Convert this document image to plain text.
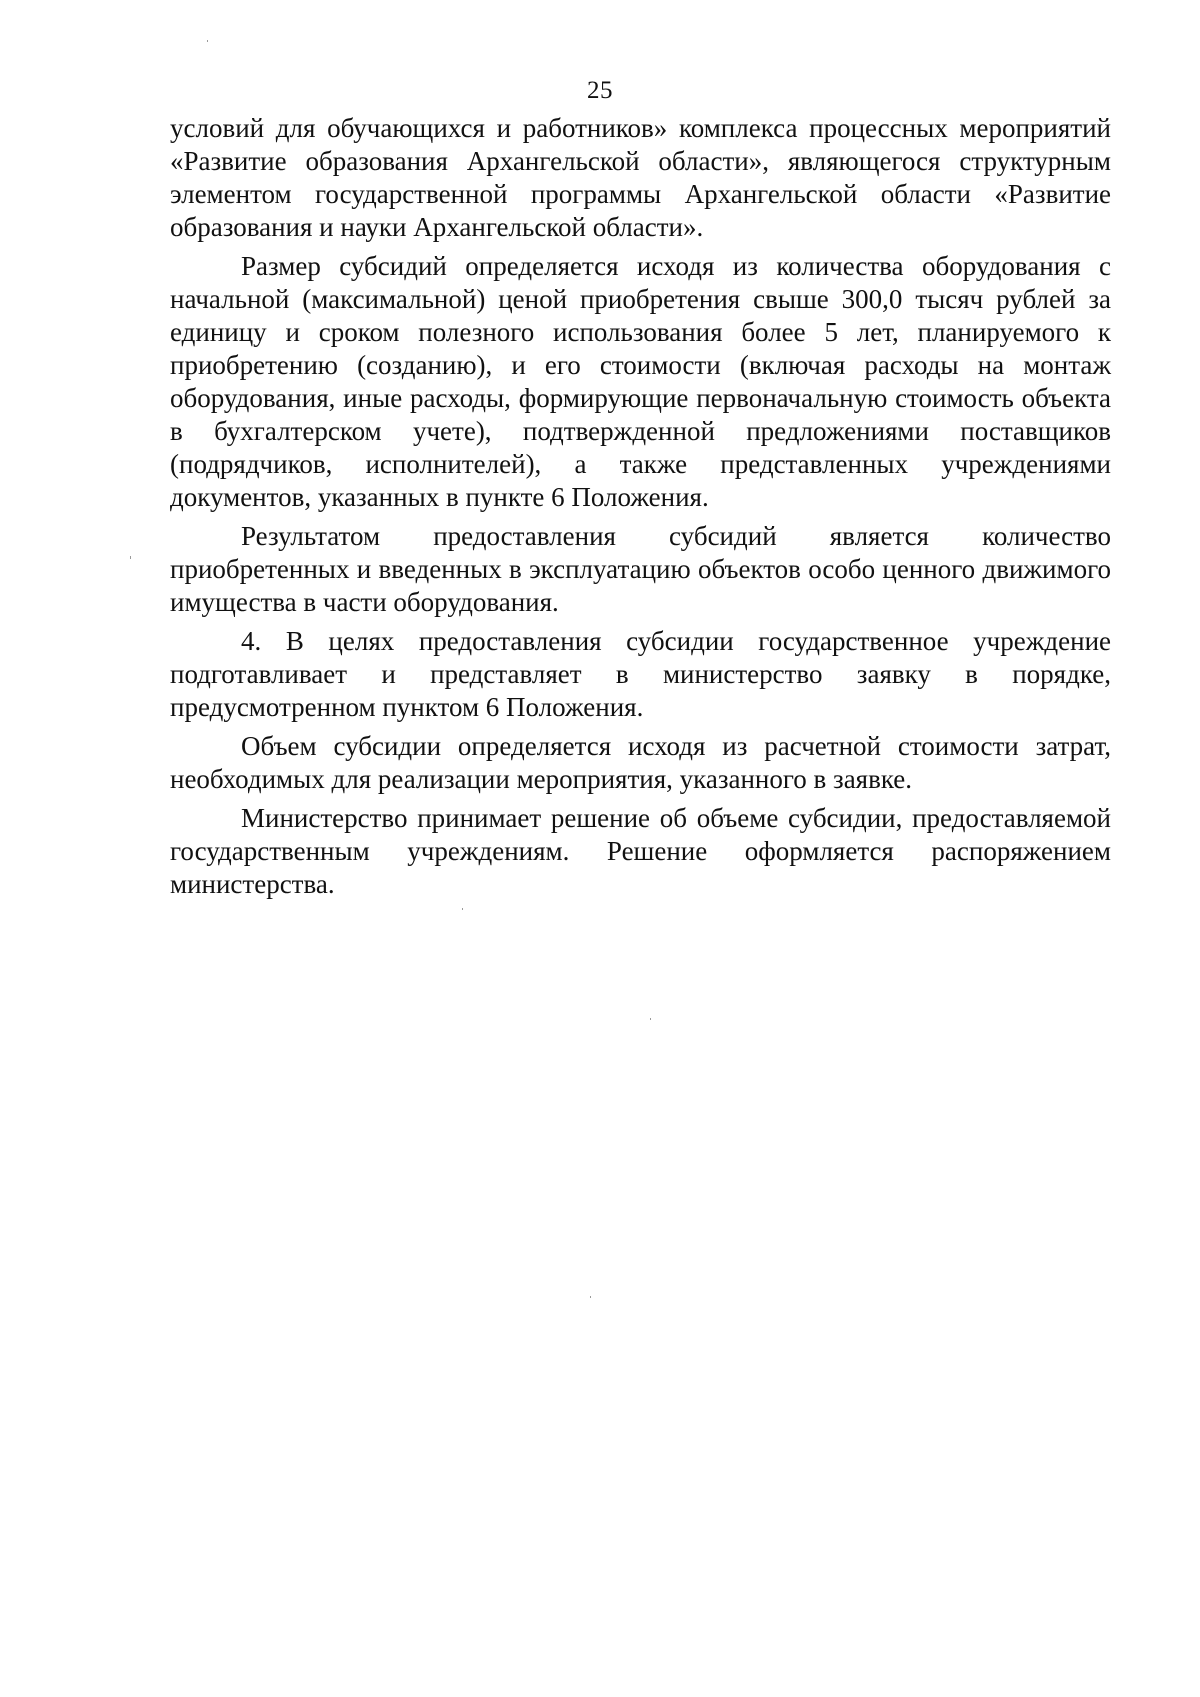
25

условий для обучающихся и работников» комплекса процессных мероприятий «Развитие образования Архангельской области», являющегося структурным элементом государственной программы Архангельской области «Развитие образования и науки Архангельской области».

Размер субсидий определяется исходя из количества оборудования с начальной (максимальной) ценой приобретения свыше 300,0 тысяч рублей за единицу и сроком полезного использования более 5 лет, планируемого к приобретению (созданию), и его стоимости (включая расходы на монтаж оборудования, иные расходы, формирующие первоначальную стоимость объекта в бухгалтерском учете), подтвержденной предложениями поставщиков (подрядчиков, исполнителей), а также представленных учреждениями документов, указанных в пункте 6 Положения.

Результатом предоставления субсидий является количество приобретенных и введенных в эксплуатацию объектов особо ценного движимого имущества в части оборудования.

4. В целях предоставления субсидии государственное учреждение подготавливает и представляет в министерство заявку в порядке, предусмотренном пунктом 6 Положения.

Объем субсидии определяется исходя из расчетной стоимости затрат, необходимых для реализации мероприятия, указанного в заявке.

Министерство принимает решение об объеме субсидии, предоставляемой государственным учреждениям. Решение оформляется распоряжением министерства.
